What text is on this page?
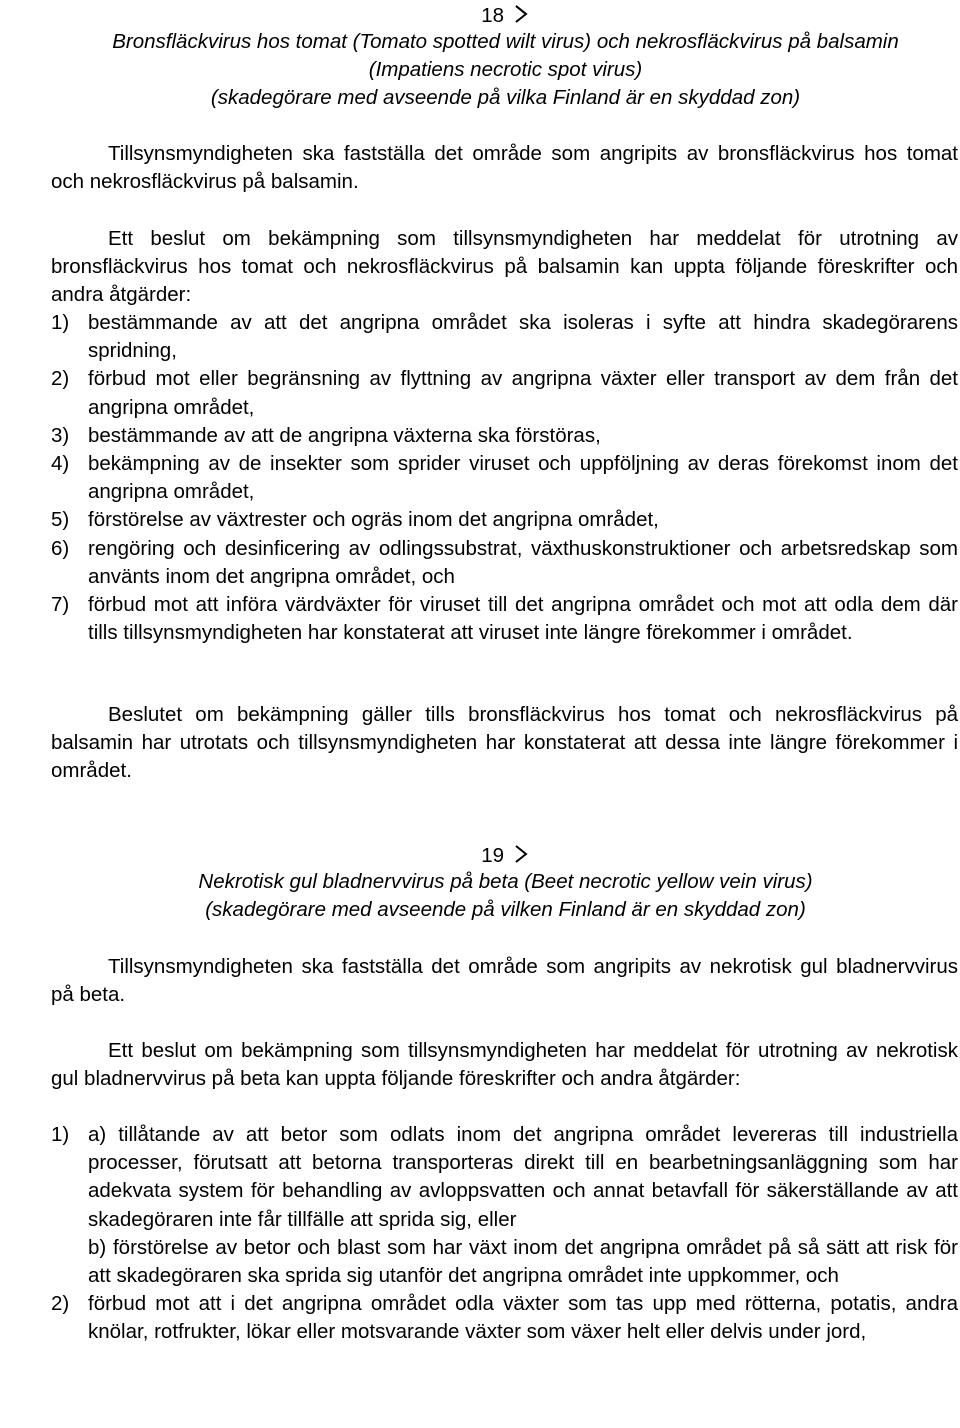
18
Bronsfläckvirus hos tomat (Tomato spotted wilt virus) och nekrosfläckvirus på balsamin
(Impatiens necrotic spot virus)
(skadegörare med avseende på vilka Finland är en skyddad zon)

Tillsynsmyndigheten ska fastställa det område som angripits av bronsfläckvirus hos tomat och nekrosfläckvirus på balsamin.

Ett beslut om bekämpning som tillsynsmyndigheten har meddelat för utrotning av bronsfläckvirus hos tomat och nekrosfläckvirus på balsamin kan uppta följande föreskrifter och andra åtgärder:

1) bestämmande av att det angripna området ska isoleras i syfte att hindra skadegörarens spridning,
2) förbud mot eller begränsning av flyttning av angripna växter eller transport av dem från det angripna området,
3) bestämmande av att de angripna växterna ska förstöras,
4) bekämpning av de insekter som sprider viruset och uppföljning av deras förekomst inom det angripna området,
5) förstörelse av växtrester och ogräs inom det angripna området,
6) rengöring och desinficering av odlingssubstrat, växthuskonstruktioner och arbetsredskap som använts inom det angripna området, och
7) förbud mot att införa värdväxter för viruset till det angripna området och mot att odla dem där tills tillsynsmyndigheten har konstaterat att viruset inte längre förekommer i området.

Beslutet om bekämpning gäller tills bronsfläckvirus hos tomat och nekrosfläckvirus på balsamin har utrotats och tillsynsmyndigheten har konstaterat att dessa inte längre förekommer i området.

19
Nekrotisk gul bladnervvirus på beta (Beet necrotic yellow vein virus)
(skadegörare med avseende på vilken Finland är en skyddad zon)

Tillsynsmyndigheten ska fastställa det område som angripits av nekrotisk gul bladnervvirus på beta.

Ett beslut om bekämpning som tillsynsmyndigheten har meddelat för utrotning av nekrotisk gul bladnervvirus på beta kan uppta följande föreskrifter och andra åtgärder:

1) a) tillåtande av att betor som odlats inom det angripna området levereras till industriella processer, förutsatt att betorna transporteras direkt till en bearbetningsanläggning som har adekvata system för behandling av avloppsvatten och annat betavfall för säkerställande av att skadegöraren inte får tillfälle att sprida sig, eller

b) förstörelse av betor och blast som har växt inom det angripna området på så sätt att risk för att skadegöraren ska sprida sig utanför det angripna området inte uppkommer, och

2) förbud mot att i det angripna området odla växter som tas upp med rötterna, potatis, andra knölar, rotfrukter, lökar eller motsvarande växter som växer helt eller delvis under jord,
